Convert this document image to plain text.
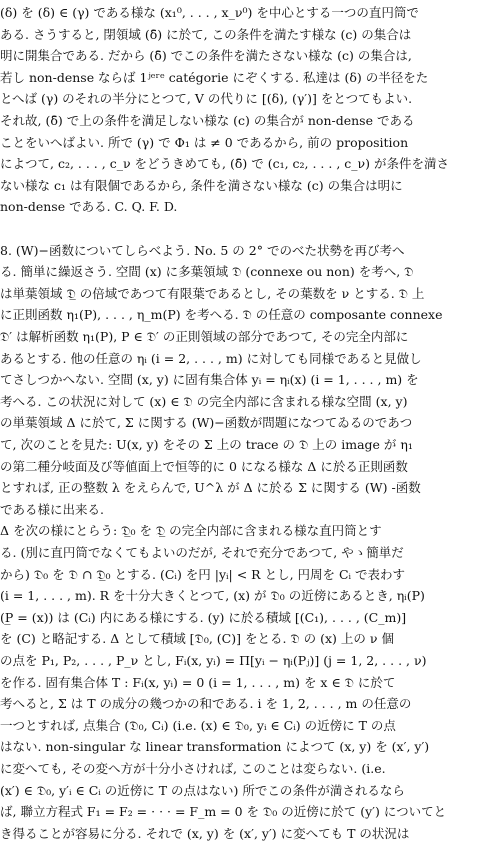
(δ) を (δ) ∈ (γ) である様な (x₁⁰, . . . , x_ν⁰) を中心とする一つの直円筒で

ある. さうすると, 閉領域 (δ̄) に於て, この条件を満たす様な (c) の集合は

明に開集合である. だから (δ̄) でこの条件を満たさない様な (c) の集合は,

若し non-dense ならば 1ʲᵉʳᵉ catégorie にぞくする. 私達は (δ) の半径をた

とへば (γ) のそれの半分にとつて, V の代りに [(δ), (γ′)] をとつてもよい.

それ故, (δ̄) で上の条件を満足しない様な (c) の集合が non-dense である

ことをいへばよい. 所で (γ) で Φ₁ は ≠ 0 であるから, 前の proposition

によつて, c₂, . . . , c_ν をどうきめても, (δ̄) で (c₁, c₂, . . . , c_ν) が条件を満さ

ない様な c₁ は有限個であるから, 条件を満さない様な (c) の集合は明に

non-dense である. C. Q. F. D.

8. (W)−函数についてしらべよう. No. 5 の 2° でのべた状勢を再び考へ

る. 簡単に繰返さう. 空間 (x) に多葉領域 𝔇 (connexe ou non) を考へ, 𝔇

は単葉領域 𝔇̲ の倍域であつて有限葉であるとし, その葉数を ν とする. 𝔇 上

に正則函数 η₁(P), . . . , η_m(P) を考へる. 𝔇 の任意の composante connexe

𝔇′ は解析函数 η₁(P), P ∈ 𝔇′ の正則領域の部分であつて, その完全内部に

あるとする. 他の任意の ηᵢ (i = 2, . . . , m) に対しても同様であると見做し

てさしつかへない. 空間 (x, y) に固有集合体 yᵢ = ηᵢ(x) (i = 1, . . . , m) を

考へる. この状況に対して (x) ∈ 𝔇 の完全内部に含まれる様な空間 (x, y)

の単葉領域 Δ に於て, Σ に関する (W)−函数が問題になつてゐるのであつ

て, 次のことを見た: U(x, y) をその Σ 上の trace の 𝔇 上の image が η₁

の第二種分岐面及び等値面上で恒等的に 0 になる様な Δ に於る正則函数

とすれば, 正の整数 λ をえらんで, U^λ が Δ に於る Σ に関する (W) -函数

である様に出来る.

Δ を次の様にとらう: 𝔇̲₀ を 𝔇̲ の完全内部に含まれる様な直円筒とす

る. (別に直円筒でなくてもよいのだが, それで充分であつて, やゝ簡単だ

から) 𝔇₀ を 𝔇 ∩ 𝔇̲₀ とする. (Cᵢ) を円 |yᵢ| < R とし, 円周を Cᵢ で表わす

(i = 1, . . . , m). R を十分大きくとつて, (x) が 𝔇₀ の近傍にあるとき, ηᵢ(P)

(P̲ = (x)) は (Cᵢ) 内にある様にする. (y) に於る積域 [(C₁), . . . , (C_m)]

を (C) と略記する. Δ として積域 [𝔇₀, (C)] をとる. 𝔇 の (x) 上の ν 個

の点を P₁, P₂, . . . , P_ν とし, Fᵢ(x, yᵢ) = Π[yᵢ − ηᵢ(Pⱼ)] (j = 1, 2, . . . , ν)

を作る. 固有集合体 T : Fᵢ(x, yᵢ) = 0 (i = 1, . . . , m) を x ∈ 𝔇 に於て

考へると, Σ は T の成分の幾つかの和である. i を 1, 2, . . . , m の任意の

一つとすれば, 点集合 (𝔇₀, Cᵢ) (i.e. (x) ∈ 𝔇₀, yᵢ ∈ Cᵢ) の近傍に T の点

はない. non-singular な linear transformation によつて (x, y) を (x′, y′)

に変へても, その変へ方が十分小さければ, このことは変らない. (i.e.

(x′) ∈ 𝔇₀, y′ᵢ ∈ Cᵢ の近傍に T の点はない) 所でこの条件が満されるなら

ば, 聯立方程式 F₁ = F₂ = · · · = F_m = 0 を 𝔇₀ の近傍に於て (y′) についてと

き得ることが容易に分る. それで (x, y) を (x′, y′) に変へても T の状況は
